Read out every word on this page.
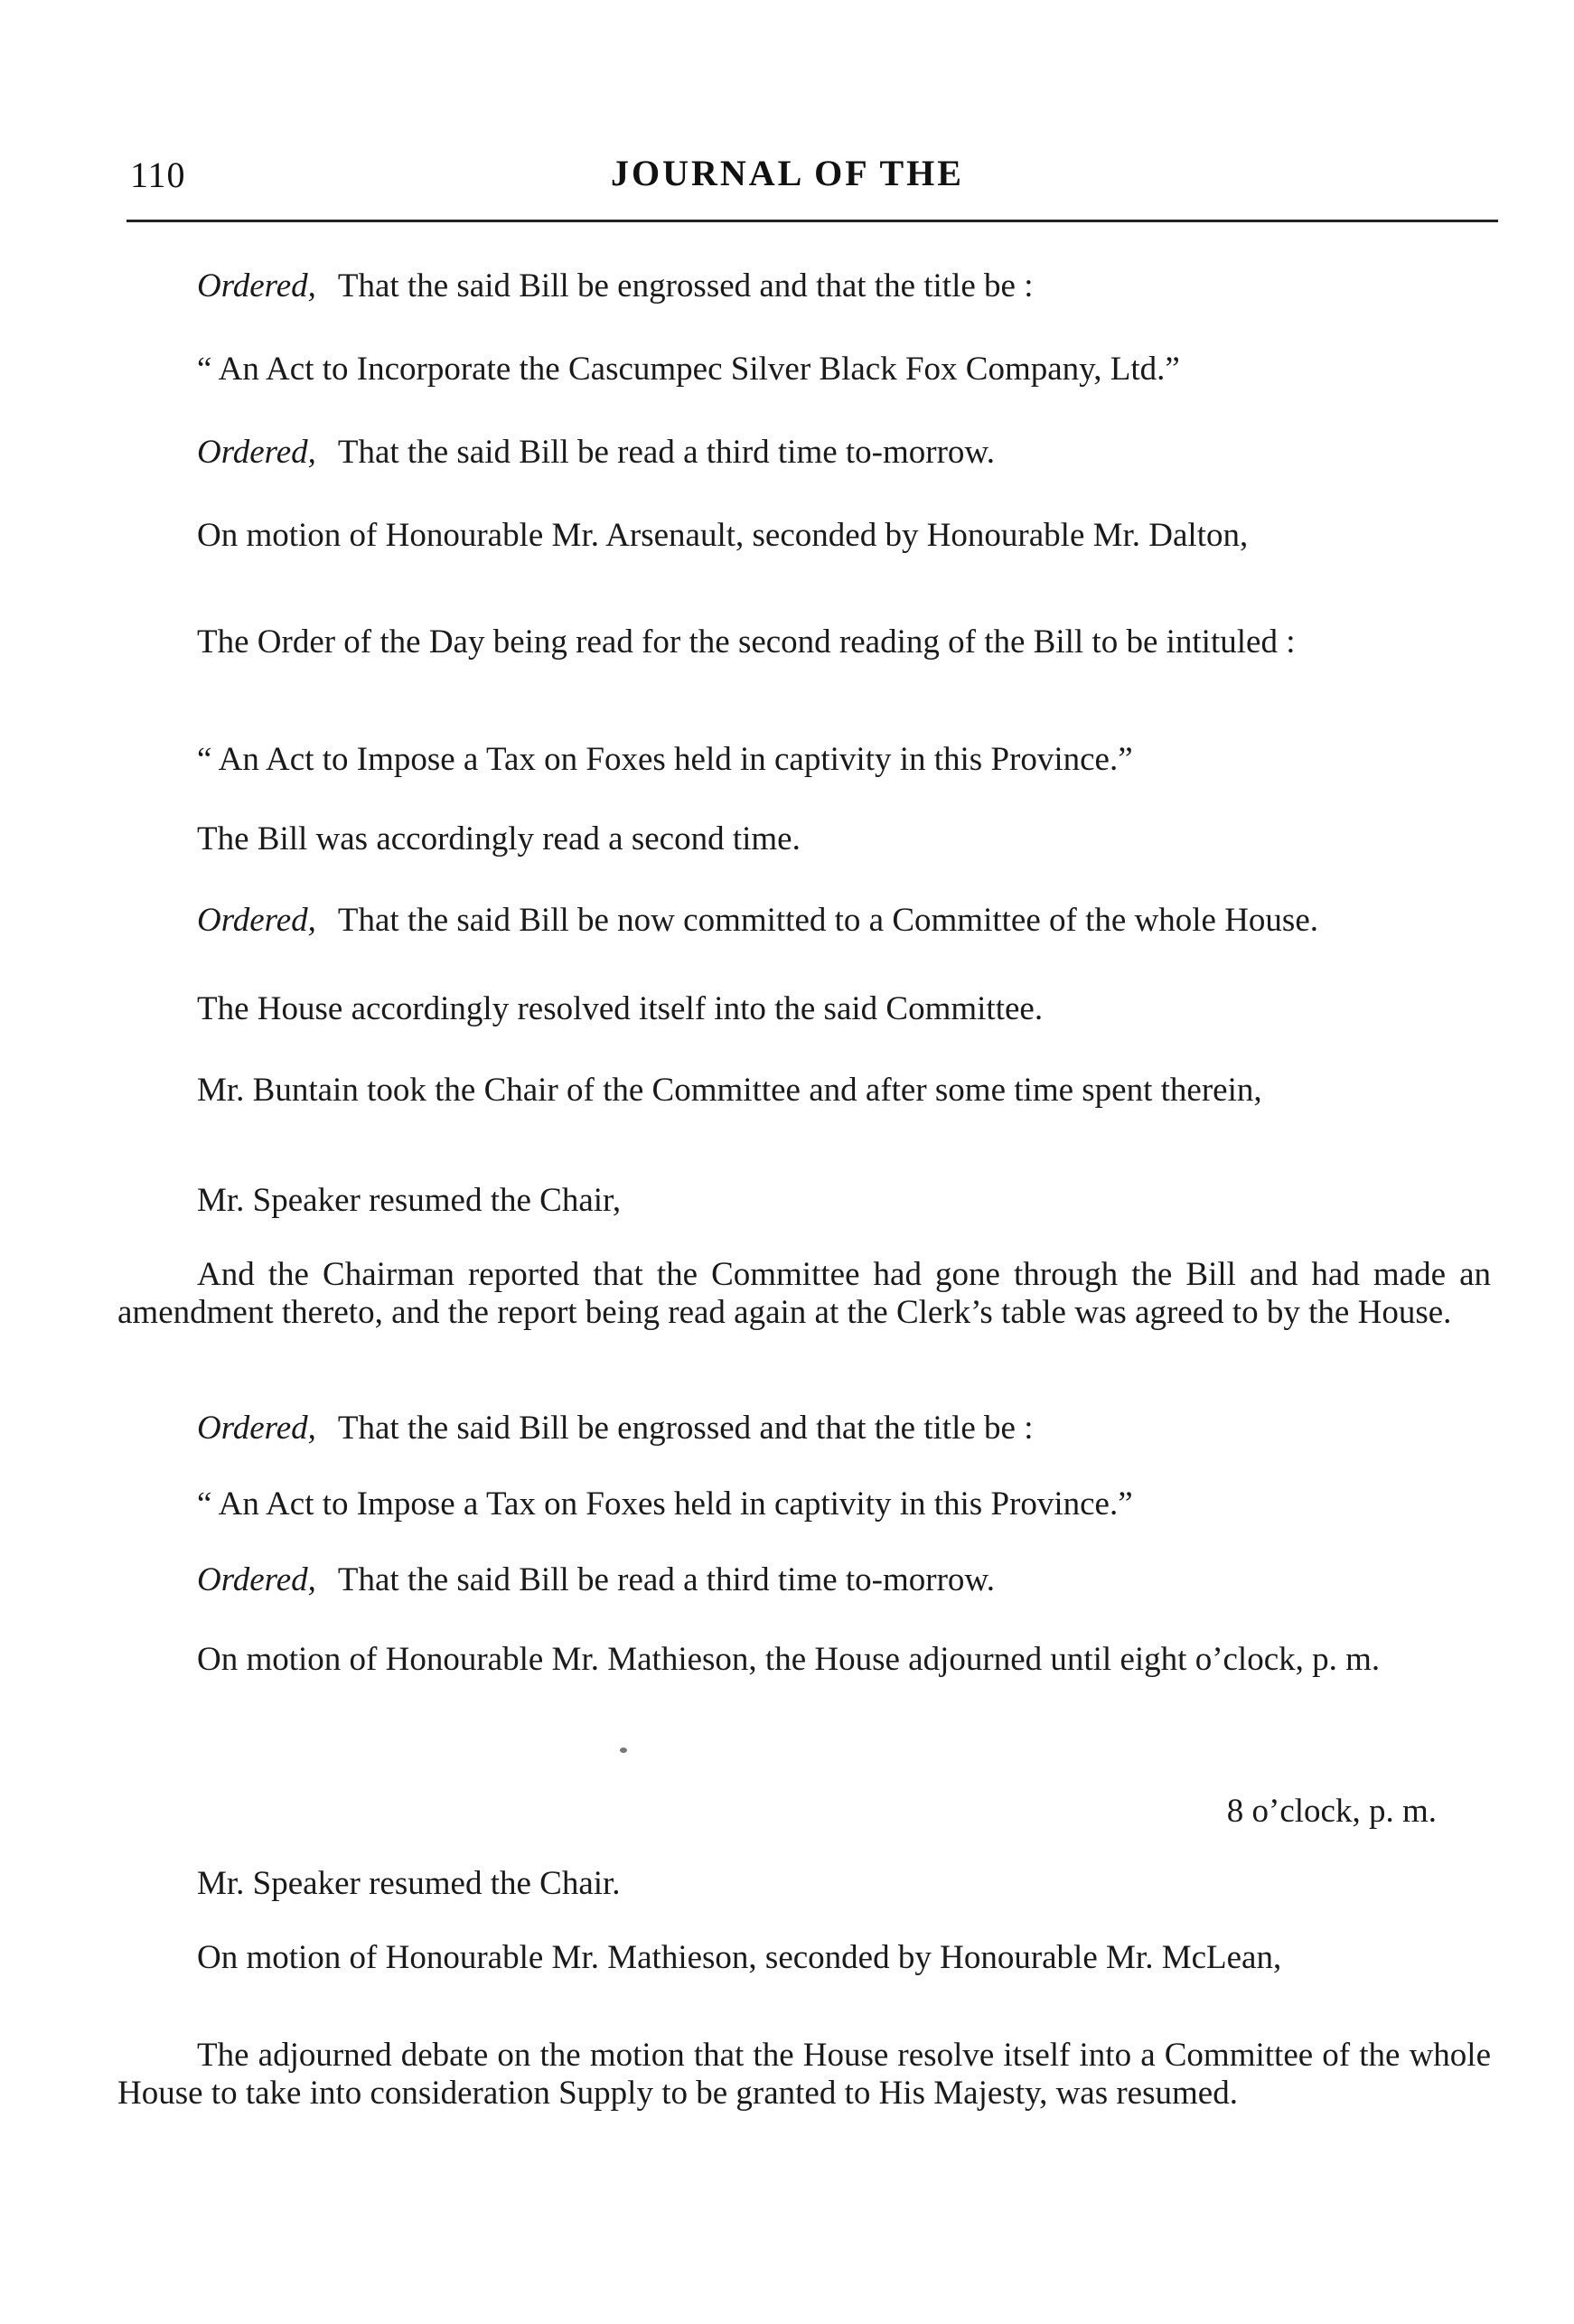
110	JOURNAL OF THE

Ordered, That the said Bill be engrossed and that the title be :

“ An Act to Incorporate the Cascumpec Silver Black Fox Company, Ltd.”

Ordered, That the said Bill be read a third time to-morrow.

On motion of Honourable Mr. Arsenault, seconded by Honourable Mr. Dalton,

The Order of the Day being read for the second reading of the Bill to be intituled :

“ An Act to Impose a Tax on Foxes held in captivity in this Province.”

The Bill was accordingly read a second time.

Ordered, That the said Bill be now committed to a Committee of the whole House.

The House accordingly resolved itself into the said Committee.

Mr. Buntain took the Chair of the Committee and after some time spent therein,

Mr. Speaker resumed the Chair,

And the Chairman reported that the Committee had gone through the Bill and had made an amendment thereto, and the report being read again at the Clerk’s table was agreed to by the House.

Ordered, That the said Bill be engrossed and that the title be :

“ An Act to Impose a Tax on Foxes held in captivity in this Province.”

Ordered, That the said Bill be read a third time to-morrow.

On motion of Honourable Mr. Mathieson, the House adjourned until eight o’clock, p. m.

8 o’clock, p. m.

Mr. Speaker resumed the Chair.

On motion of Honourable Mr. Mathieson, seconded by Honourable Mr. McLean,

The adjourned debate on the motion that the House resolve itself into a Committee of the whole House to take into consideration Supply to be granted to His Majesty, was resumed.
